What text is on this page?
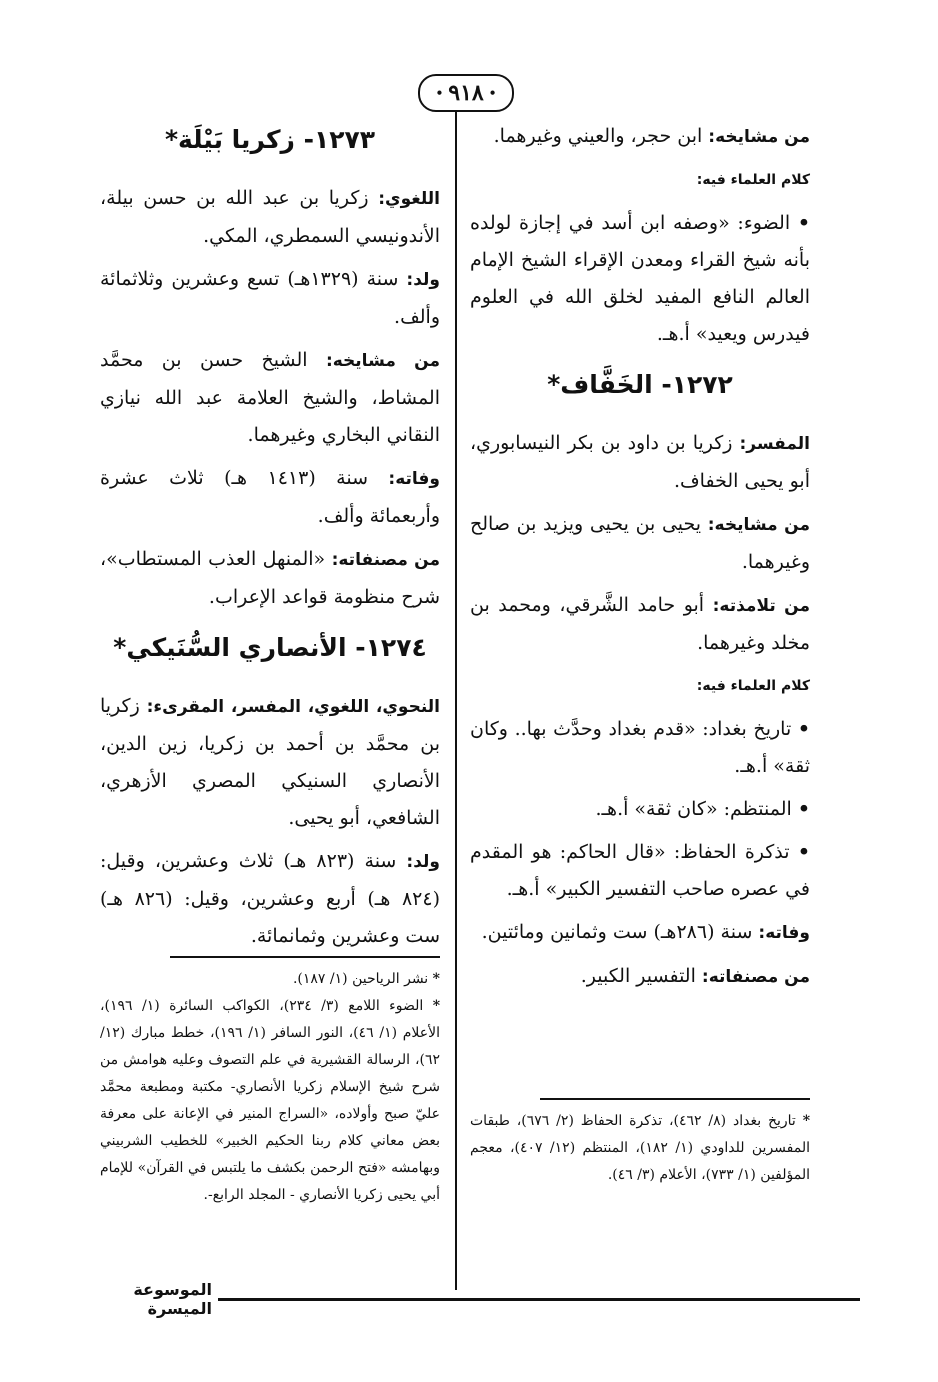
•
٩١٨
•

من مشايخه: ابن حجر، والعيني وغيرهما.

كلام العلماء فيه:

• الضوء: «وصفه ابن أسد في إجازة لولده بأنه شيخ القراء ومعدن الإقراء الشيخ الإمام العالم النافع المفيد لخلق الله في العلوم فيدرس ويعيد» أ.هـ.

١٢٧٢- الخَفَّاف*

المفسر: زكريا بن داود بن بكر النيسابوري، أبو يحيى الخفاف.

من مشايخه: يحيى بن يحيى ويزيد بن صالح وغيرهما.

من تلامذته: أبو حامد الشَّرقي، ومحمد بن مخلد وغيرهما.

كلام العلماء فيه:

• تاريخ بغداد: «قدم بغداد وحدَّث بها.. وكان ثقة» أ.هـ.

• المنتظم: «كان ثقة» أ.هـ.

• تذكرة الحفاظ: «قال الحاكم: هو المقدم في عصره صاحب التفسير الكبير» أ.هـ.

وفاته: سنة (٢٨٦هـ) ست وثمانين ومائتين.

من مصنفاته: التفسير الكبير.

* تاريخ بغداد (٨/ ٤٦٢)، تذكرة الحفاظ (٢/ ٦٧٦)، طبقات المفسرين للداودي (١/ ١٨٢)، المنتظم (١٢/ ٤٠٧)، معجم المؤلفين (١/ ٧٣٣)، الأعلام (٣/ ٤٦).

١٢٧٣- زكريا بَيْلَة*

اللغوي: زكريا بن عبد الله بن حسن بيلة، الأندونيسي السمطري، المكي.

ولد: سنة (١٣٢٩هـ) تسع وعشرين وثلاثمائة وألف.

من مشايخه: الشيخ حسن بن محمَّد المشاط، والشيخ العلامة عبد الله نيازي النقاني البخاري وغيرهما.

وفاته: سنة (١٤١٣ هـ) ثلاث عشرة وأربعمائة وألف.

من مصنفاته: «المنهل العذب المستطاب»، شرح منظومة قواعد الإعراب.

١٢٧٤- الأنصاري السُّنَيكي*

النحوي، اللغوي، المفسر، المقرىء: زكريا بن محمَّد بن أحمد بن زكريا، زين الدين، الأنصاري السنيكي المصري الأزهري، الشافعي، أبو يحيى.

ولد: سنة (٨٢٣ هـ) ثلاث وعشرين، وقيل: (٨٢٤ هـ) أربع وعشرين، وقيل: (٨٢٦ هـ) ست وعشرين وثمانمائة.

* نشر الرياحين (١/ ١٨٧).

* الضوء اللامع (٣/ ٢٣٤)، الكواكب السائرة (١/ ١٩٦)، الأعلام (١/ ٤٦)، النور السافر (١/ ١٩٦)، خطط مبارك (١٢/ ٦٢)، الرسالة القشيرية في علم التصوف وعليه هوامش من شرح شيخ الإسلام زكريا الأنصاري- مكتبة ومطبعة محمَّد عليّ صبح وأولاده، «السراج المنير في الإعانة على معرفة بعض معاني كلام ربنا الحكيم الخبير» للخطيب الشربيني وبهامشه «فتح الرحمن بكشف ما يلتبس في القرآن» للإمام أبي يحيى زكريا الأنصاري - المجلد الرابع-.

الموسوعة الميسرة
